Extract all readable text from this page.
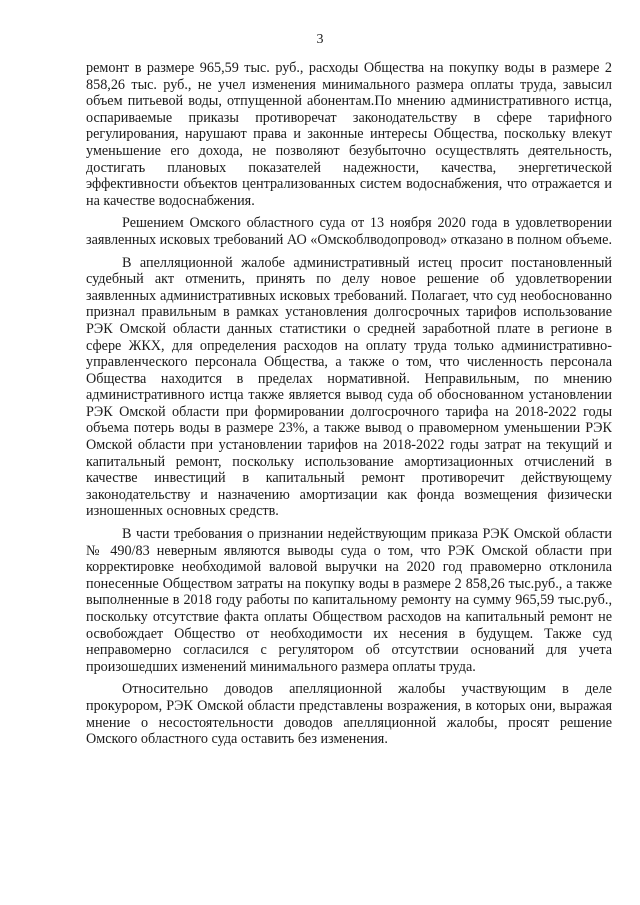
3

ремонт в размере 965,59 тыс. руб., расходы Общества на покупку воды в размере 2 858,26 тыс. руб., не учел изменения минимального размера оплаты труда, завысил объем питьевой воды, отпущенной абонентам.По мнению административного истца, оспариваемые приказы противоречат законодательству в сфере тарифного регулирования, нарушают права и законные интересы Общества, поскольку влекут уменьшение его дохода, не позволяют безубыточно осуществлять деятельность, достигать плановых показателей надежности, качества, энергетической эффективности объектов централизованных систем водоснабжения, что отражается и на качестве водоснабжения.

Решением Омского областного суда от 13 ноября 2020 года в удовлетворении заявленных исковых требований АО «Омскоблводопровод» отказано в полном объеме.

В апелляционной жалобе административный истец просит постановленный судебный акт отменить, принять по делу новое решение об удовлетворении заявленных административных исковых требований. Полагает, что суд необоснованно признал правильным в рамках установления долгосрочных тарифов использование РЭК Омской области данных статистики о средней заработной плате в регионе в сфере ЖКХ, для определения расходов на оплату труда только административно-управленческого персонала Общества, а также о том, что численность персонала Общества находится в пределах нормативной. Неправильным, по мнению административного истца также является вывод суда об обоснованном установлении РЭК Омской области при формировании долгосрочного тарифа на 2018-2022 годы объема потерь воды в размере 23%, а также вывод о правомерном уменьшении РЭК Омской области при установлении тарифов на 2018-2022 годы затрат на текущий и капитальный ремонт, поскольку использование амортизационных отчислений в качестве инвестиций в капитальный ремонт противоречит действующему законодательству и назначению амортизации как фонда возмещения физически изношенных основных средств.

В части требования о признании недействующим приказа РЭК Омской области № 490/83 неверным являются выводы суда о том, что РЭК Омской области при корректировке необходимой валовой выручки на 2020 год правомерно отклонила понесенные Обществом затраты на покупку воды в размере 2 858,26 тыс.руб., а также выполненные в 2018 году работы по капитальному ремонту на сумму 965,59 тыс.руб., поскольку отсутствие факта оплаты Обществом расходов на капитальный ремонт не освобождает Общество от необходимости их несения в будущем. Также суд неправомерно согласился с регулятором об отсутствии оснований для учета произошедших изменений минимального размера оплаты труда.

Относительно доводов апелляционной жалобы участвующим в деле прокурором, РЭК Омской области представлены возражения, в которых они, выражая мнение о несостоятельности доводов апелляционной жалобы, просят решение Омского областного суда оставить без изменения.
